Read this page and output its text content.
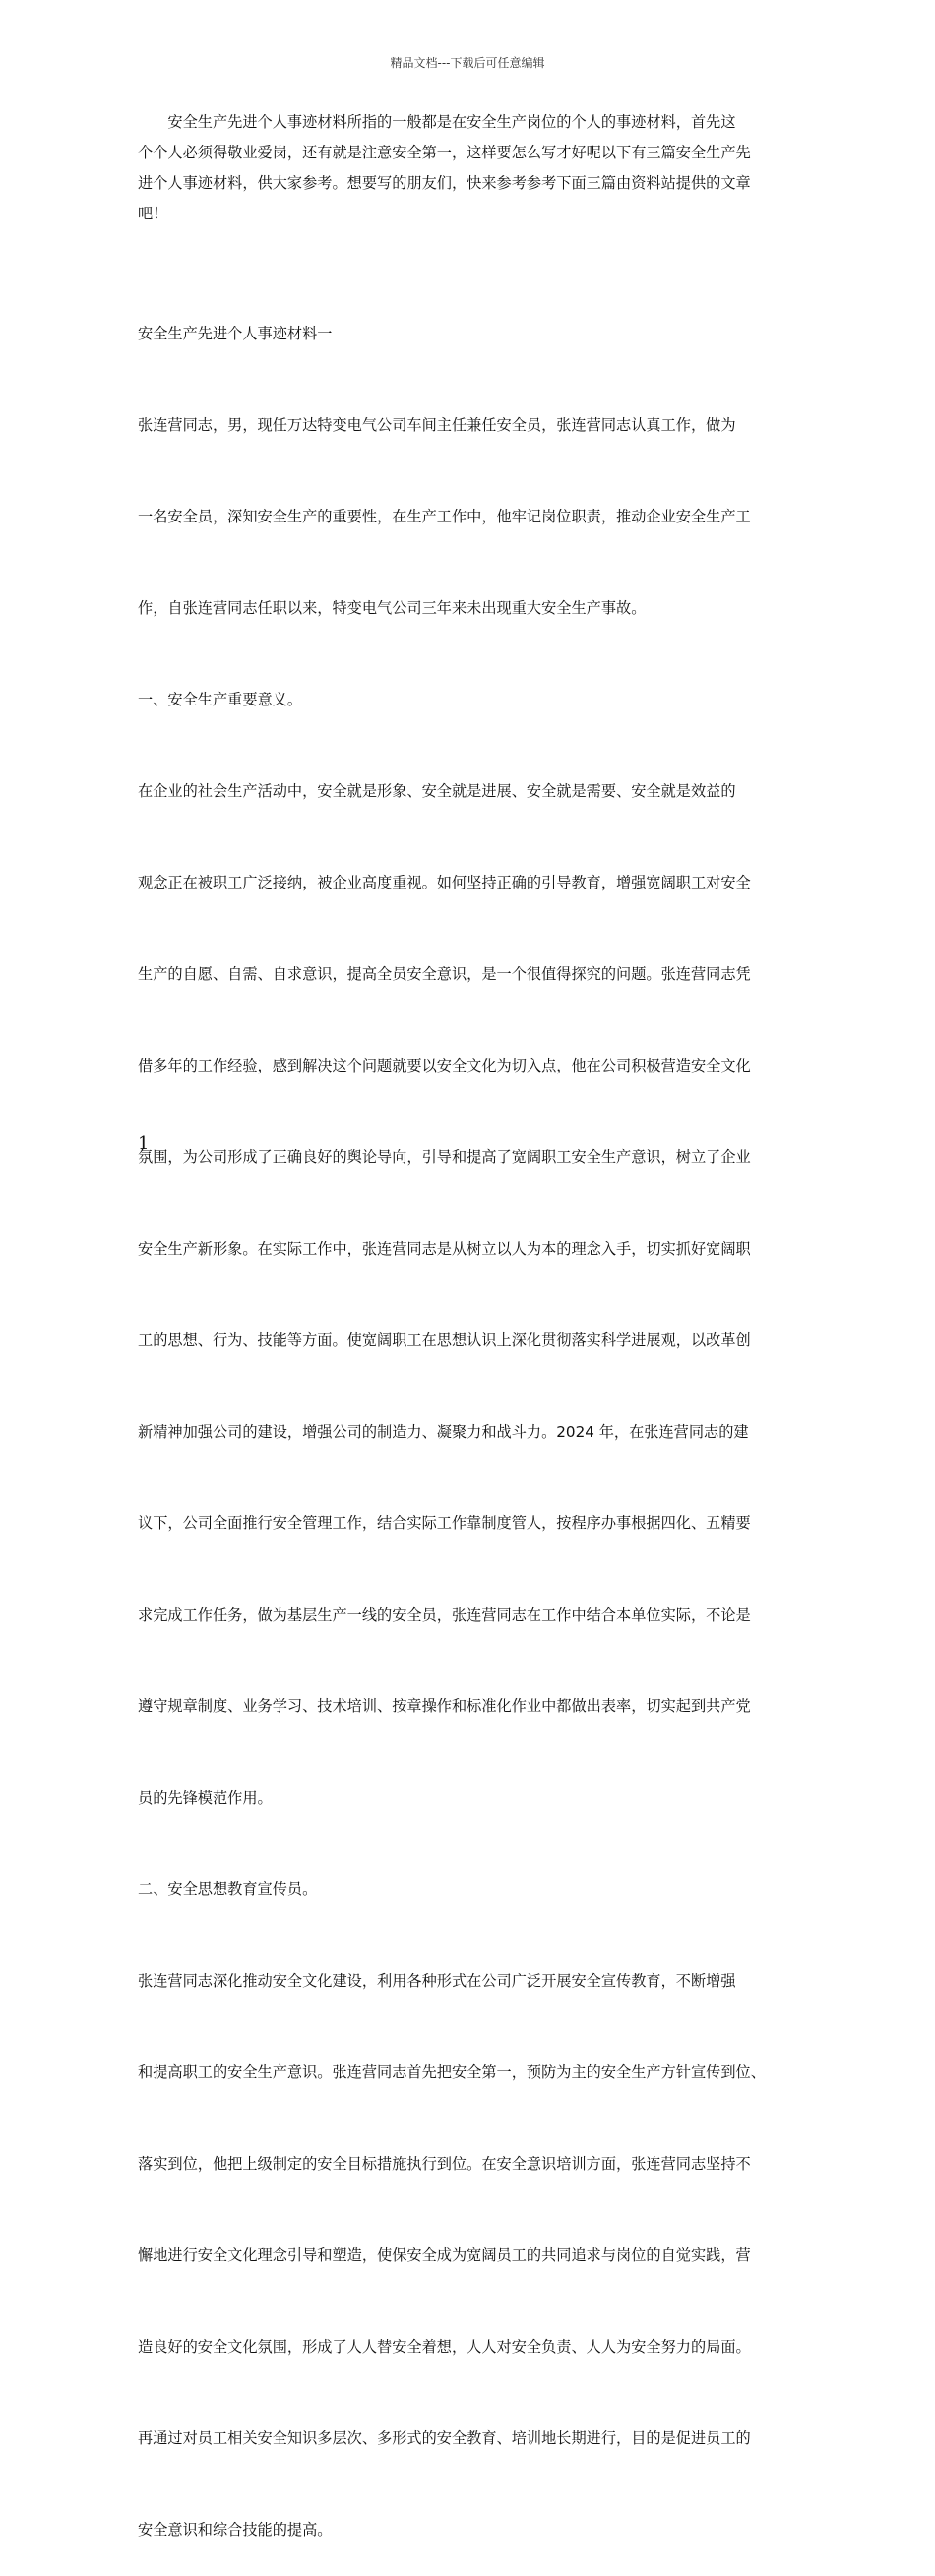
精品文档---下载后可任意编辑
安全生产先进个人事迹材料所指的一般都是在安全生产岗位的个人的事迹材料，首先这
个个人必须得敬业爱岗，还有就是注意安全第一，这样要怎么写才好呢以下有三篇安全生产先
进个人事迹材料，供大家参考。想要写的朋友们，快来参考参考下面三篇由资料站提供的文章
吧！
安全生产先进个人事迹材料一

张连营同志，男，现任万达特变电气公司车间主任兼任安全员，张连营同志认真工作，做为

一名安全员，深知安全生产的重要性，在生产工作中，他牢记岗位职责，推动企业安全生产工

作，自张连营同志任职以来，特变电气公司三年来未出现重大安全生产事故。

一、安全生产重要意义。

在企业的社会生产活动中，安全就是形象、安全就是进展、安全就是需要、安全就是效益的

观念正在被职工广泛接纳，被企业高度重视。如何坚持正确的引导教育，增强宽阔职工对安全

生产的自愿、自需、自求意识，提高全员安全意识，是一个很值得探究的问题。张连营同志凭

借多年的工作经验，感到解决这个问题就要以安全文化为切入点，他在公司积极营造安全文化

氛围，为公司形成了正确良好的舆论导向，引导和提高了宽阔职工安全生产意识，树立了企业

安全生产新形象。在实际工作中，张连营同志是从树立以人为本的理念入手，切实抓好宽阔职

工的思想、行为、技能等方面。使宽阔职工在思想认识上深化贯彻落实科学进展观，以改革创

新精神加强公司的建设，增强公司的制造力、凝聚力和战斗力。2024 年，在张连营同志的建

议下，公司全面推行安全管理工作，结合实际工作靠制度管人，按程序办事根据四化、五精要

求完成工作任务，做为基层生产一线的安全员，张连营同志在工作中结合本单位实际，不论是

遵守规章制度、业务学习、技术培训、按章操作和标准化作业中都做出表率，切实起到共产党

员的先锋模范作用。

二、安全思想教育宣传员。

张连营同志深化推动安全文化建设，利用各种形式在公司广泛开展安全宣传教育，不断增强

和提高职工的安全生产意识。张连营同志首先把安全第一，预防为主的安全生产方针宣传到位、

落实到位，他把上级制定的安全目标措施执行到位。在安全意识培训方面，张连营同志坚持不

懈地进行安全文化理念引导和塑造，使保安全成为宽阔员工的共同追求与岗位的自觉实践，营

造良好的安全文化氛围，形成了人人替安全着想，人人对安全负责、人人为安全努力的局面。

再通过对员工相关安全知识多层次、多形式的安全教育、培训地长期进行，目的是促进员工的

安全意识和综合技能的提高。

1
